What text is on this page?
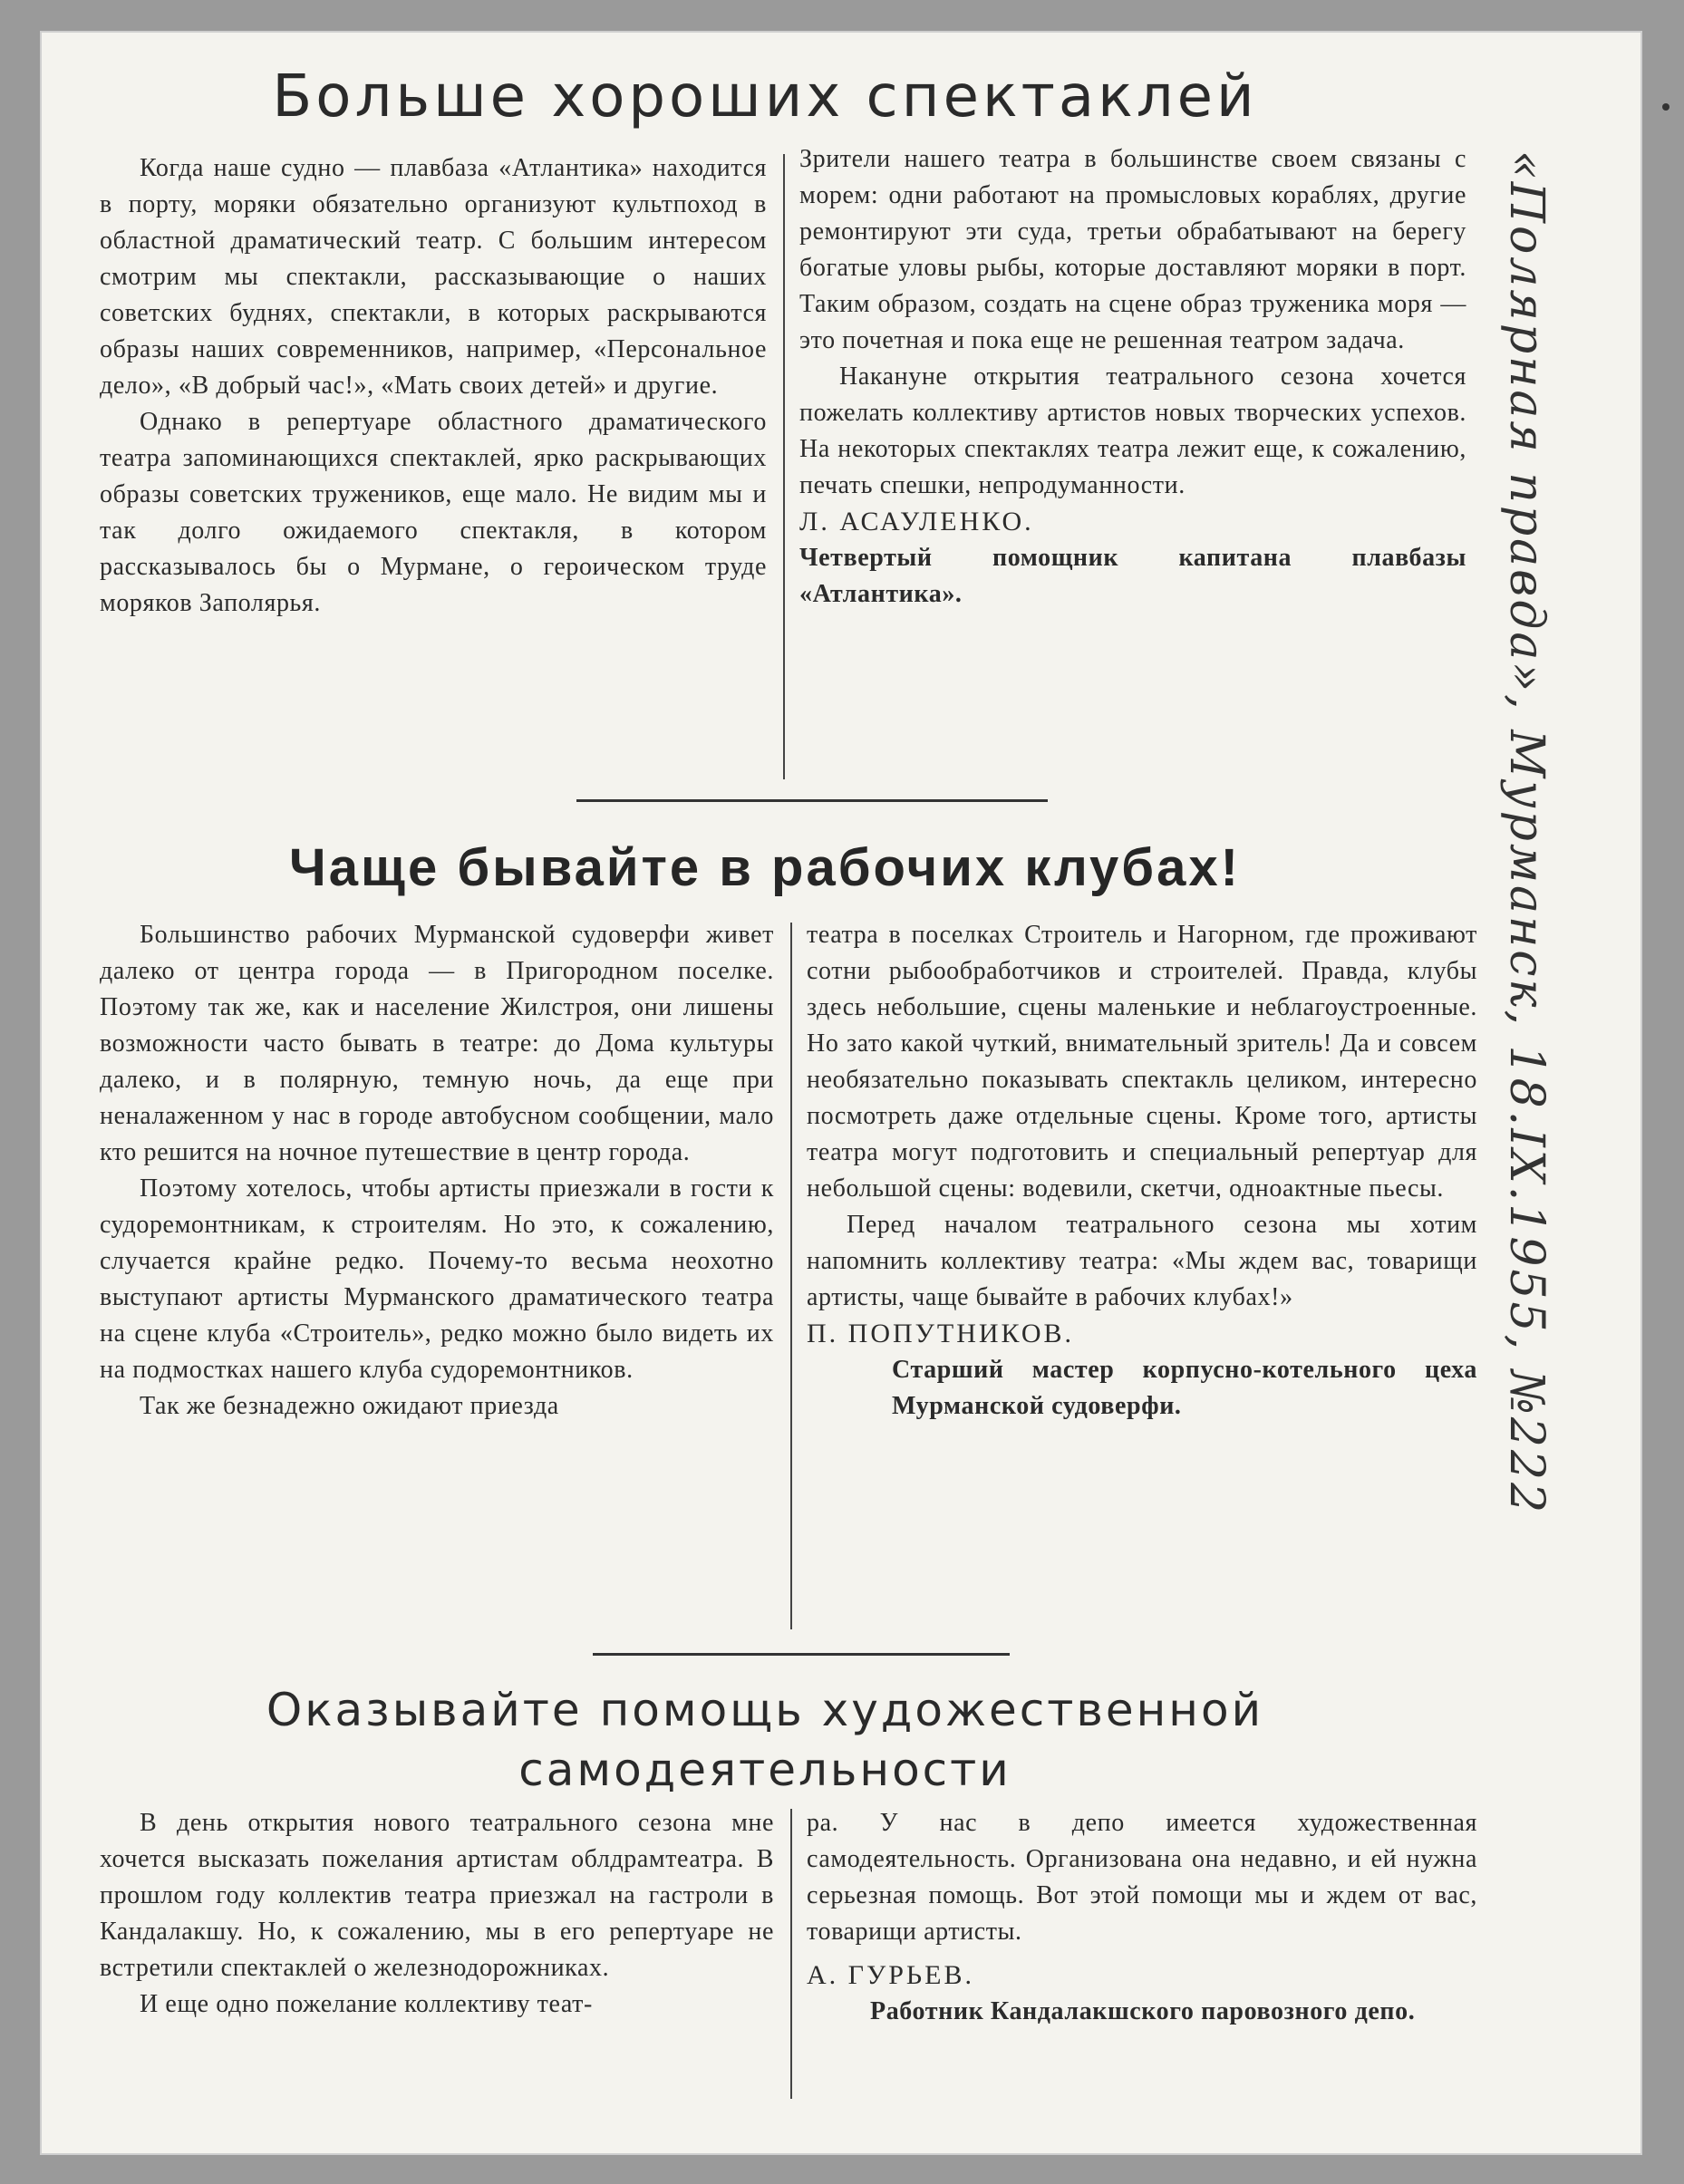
Больше хороших спектаклей

Когда наше судно — плавбаза «Атлантика» находится в порту, моряки обязательно организуют культпоход в областной драматический театр. С большим интересом смотрим мы спектакли, рассказывающие о наших советских буднях, спектакли, в которых раскрываются образы наших современников, например, «Персональное дело», «В добрый час!», «Мать своих детей» и другие.

Однако в репертуаре областного драматического театра запоминающихся спектаклей, ярко раскрывающих образы советских тружеников, еще мало. Не видим мы и так долго ожидаемого спектакля, в котором рассказывалось бы о Мурмане, о героическом труде моряков Заполярья.

Зрители нашего театра в большинстве своем связаны с морем: одни работают на промысловых кораблях, другие ремонтируют эти суда, третьи обрабатывают на берегу богатые уловы рыбы, которые доставляют моряки в порт. Таким образом, создать на сцене образ труженика моря — это почетная и пока еще не решенная театром задача.

Накануне открытия театрального сезона хочется пожелать коллективу артистов новых творческих успехов. На некоторых спектаклях театра лежит еще, к сожалению, печать спешки, непродуманности.

Л. АСАУЛЕНКО.

Четвертый помощник капитана плавбазы «Атлантика».

Чаще бывайте в рабочих клубах!

Большинство рабочих Мурманской судоверфи живет далеко от центра города — в Пригородном поселке. Поэтому так же, как и население Жилстроя, они лишены возможности часто бывать в театре: до Дома культуры далеко, и в полярную, темную ночь, да еще при неналаженном у нас в городе автобусном сообщении, мало кто решится на ночное путешествие в центр города.

Поэтому хотелось, чтобы артисты приезжали в гости к судоремонтникам, к строителям. Но это, к сожалению, случается крайне редко. Почему-то весьма неохотно выступают артисты Мурманского драматического театра на сцене клуба «Строитель», редко можно было видеть их на подмостках нашего клуба судоремонтников.

Так же безнадежно ожидают приезда

театра в поселках Строитель и Нагорном, где проживают сотни рыбообработчиков и строителей. Правда, клубы здесь небольшие, сцены маленькие и неблагоустроенные. Но зато какой чуткий, внимательный зритель! Да и совсем необязательно показывать спектакль целиком, интересно посмотреть даже отдельные сцены. Кроме того, артисты театра могут подготовить и специальный репертуар для небольшой сцены: водевили, скетчи, одноактные пьесы.

Перед началом театрального сезона мы хотим напомнить коллективу театра: «Мы ждем вас, товарищи артисты, чаще бывайте в рабочих клубах!»

П. ПОПУТНИКОВ.

Старший мастер корпусно-котельного цеха Мурманской судоверфи.

Оказывайте помощь художественной
самодеятельности

В день открытия нового театрального сезона мне хочется высказать пожелания артистам облдрамтеатра. В прошлом году коллектив театра приезжал на гастроли в Кандалакшу. Но, к сожалению, мы в его репертуаре не встретили спектаклей о железнодорожниках.

И еще одно пожелание коллективу теат-

ра. У нас в депо имеется художественная самодеятельность. Организована она недавно, и ей нужна серьезная помощь. Вот этой помощи мы и ждем от вас, товарищи артисты.

А. ГУРЬЕВ.

Работник Кандалакшского паровозного депо.

«Полярная правда», Мурманск, 18.IX.1955, №222
